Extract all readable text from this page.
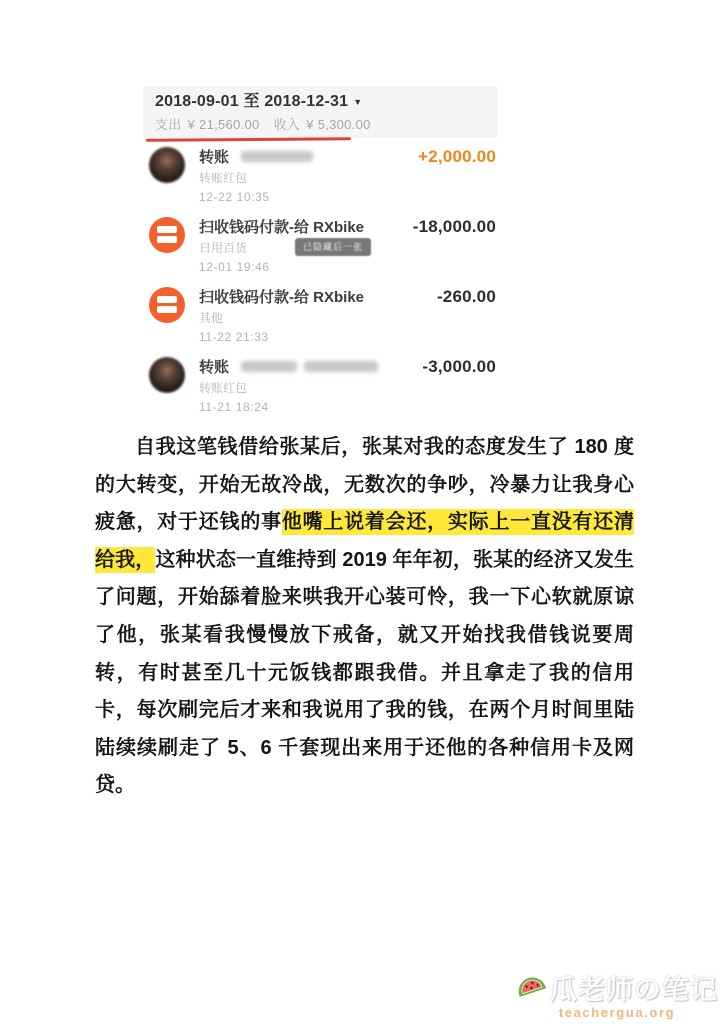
2018-09-01 至 2018-12-31 ▼
支出 ¥ 21,560.00 收入 ¥ 5,300.00
转账
转账红包
12-22 10:35
+2,000.00
扫收钱码付款-给 RXbike
日用百货
12-01 19:46
-18,000.00
已隐藏后一张
扫收钱码付款-给 RXbike
其他
11-22 21:33
-260.00
转账
转账红包
11-21 18:24
-3,000.00
自我这笔钱借给张某后，张某对我的态度发生了 180 度的大转变，开始无故冷战，无数次的争吵，冷暴力让我身心疲惫，对于还钱的事他嘴上说着会还，实际上一直没有还清给我，这种状态一直维持到 2019 年年初，张某的经济又发生了问题，开始舔着脸来哄我开心装可怜，我一下心软就原谅了他，张某看我慢慢放下戒备，就又开始找我借钱说要周转，有时甚至几十元饭钱都跟我借。并且拿走了我的信用卡，每次刷完后才来和我说用了我的钱，在两个月时间里陆陆续续刷走了 5、6 千套现出来用于还他的各种信用卡及网贷。
瓜老师の笔记
teachergua.org
